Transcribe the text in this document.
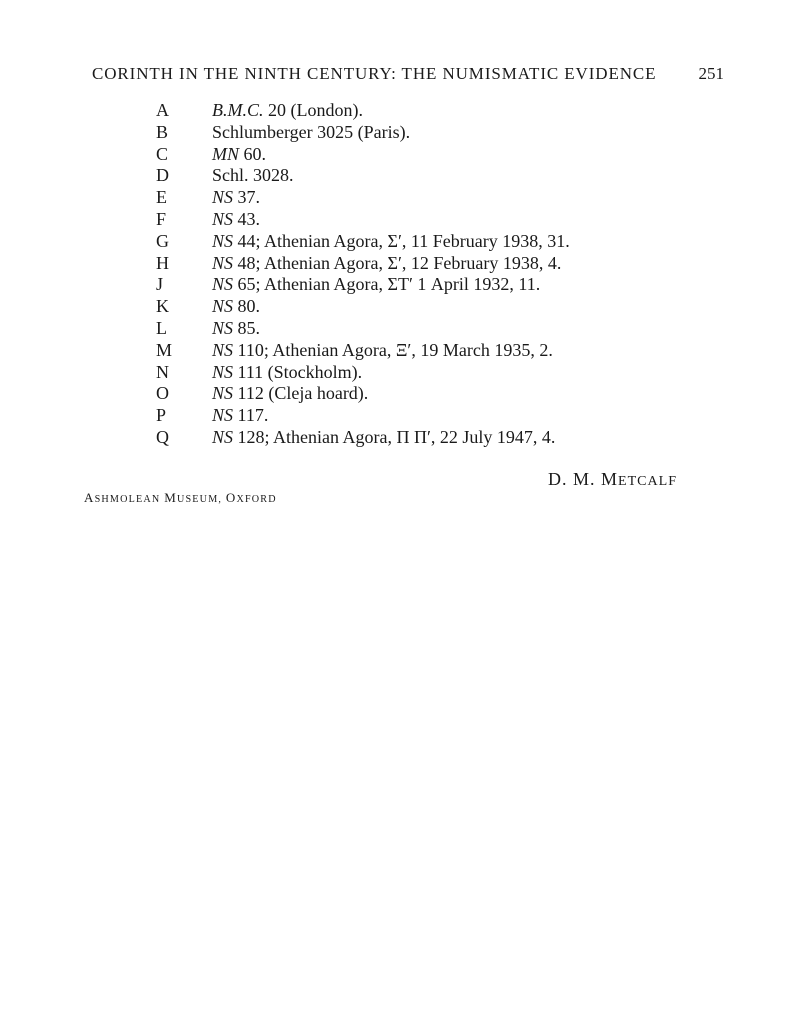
CORINTH IN THE NINTH CENTURY: THE NUMISMATIC EVIDENCE 251
A	B.M.C. 20 (London).
B	Schlumberger 3025 (Paris).
C	MN 60.
D	Schl. 3028.
E	NS 37.
F	NS 43.
G	NS 44; Athenian Agora, Σ′, 11 February 1938, 31.
H	NS 48; Athenian Agora, Σ′, 12 February 1938, 4.
J	NS 65; Athenian Agora, ΣΤ′ 1 April 1932, 11.
K	NS 80.
L	NS 85.
M NS 110; Athenian Agora, Ξ′, 19 March 1935, 2.
N	NS 111 (Stockholm).
O	NS 112 (Cleja hoard).
P	NS 117.
Q	NS 128; Athenian Agora, Π Π′, 22 July 1947, 4.
D. M. METCALF
ASHMOLEAN MUSEUM, OXFORD
